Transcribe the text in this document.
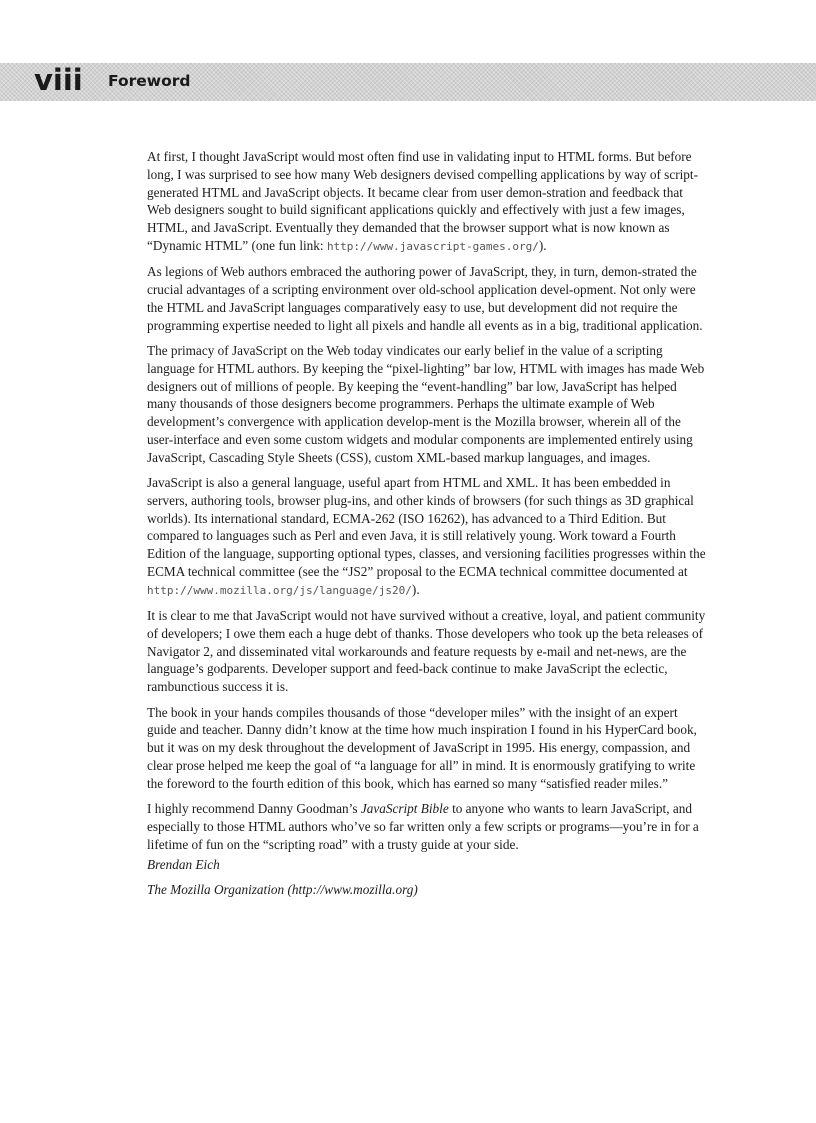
viii Foreword

At first, I thought JavaScript would most often find use in validating input to HTML forms. But before long, I was surprised to see how many Web designers devised compelling applications by way of script-generated HTML and JavaScript objects. It became clear from user demon-stration and feedback that Web designers sought to build significant applications quickly and effectively with just a few images, HTML, and JavaScript. Eventually they demanded that the browser support what is now known as “Dynamic HTML” (one fun link: http://www.javascript-games.org/).

As legions of Web authors embraced the authoring power of JavaScript, they, in turn, demon-strated the crucial advantages of a scripting environment over old-school application devel-opment. Not only were the HTML and JavaScript languages comparatively easy to use, but development did not require the programming expertise needed to light all pixels and handle all events as in a big, traditional application.

The primacy of JavaScript on the Web today vindicates our early belief in the value of a scripting language for HTML authors. By keeping the “pixel-lighting” bar low, HTML with images has made Web designers out of millions of people. By keeping the “event-handling” bar low, JavaScript has helped many thousands of those designers become programmers. Perhaps the ultimate example of Web development’s convergence with application develop-ment is the Mozilla browser, wherein all of the user-interface and even some custom widgets and modular components are implemented entirely using JavaScript, Cascading Style Sheets (CSS), custom XML-based markup languages, and images.

JavaScript is also a general language, useful apart from HTML and XML. It has been embedded in servers, authoring tools, browser plug-ins, and other kinds of browsers (for such things as 3D graphical worlds). Its international standard, ECMA-262 (ISO 16262), has advanced to a Third Edition. But compared to languages such as Perl and even Java, it is still relatively young. Work toward a Fourth Edition of the language, supporting optional types, classes, and versioning facilities progresses within the ECMA technical committee (see the “JS2” proposal to the ECMA technical committee documented at http://www.mozilla.org/js/language/js20/).

It is clear to me that JavaScript would not have survived without a creative, loyal, and patient community of developers; I owe them each a huge debt of thanks. Those developers who took up the beta releases of Navigator 2, and disseminated vital workarounds and feature requests by e-mail and net-news, are the language’s godparents. Developer support and feed-back continue to make JavaScript the eclectic, rambunctious success it is.

The book in your hands compiles thousands of those “developer miles” with the insight of an expert guide and teacher. Danny didn’t know at the time how much inspiration I found in his HyperCard book, but it was on my desk throughout the development of JavaScript in 1995. His energy, compassion, and clear prose helped me keep the goal of “a language for all” in mind. It is enormously gratifying to write the foreword to the fourth edition of this book, which has earned so many “satisfied reader miles.”

I highly recommend Danny Goodman’s JavaScript Bible to anyone who wants to learn JavaScript, and especially to those HTML authors who’ve so far written only a few scripts or programs—you’re in for a lifetime of fun on the “scripting road” with a trusty guide at your side.

Brendan Eich

The Mozilla Organization (http://www.mozilla.org)
